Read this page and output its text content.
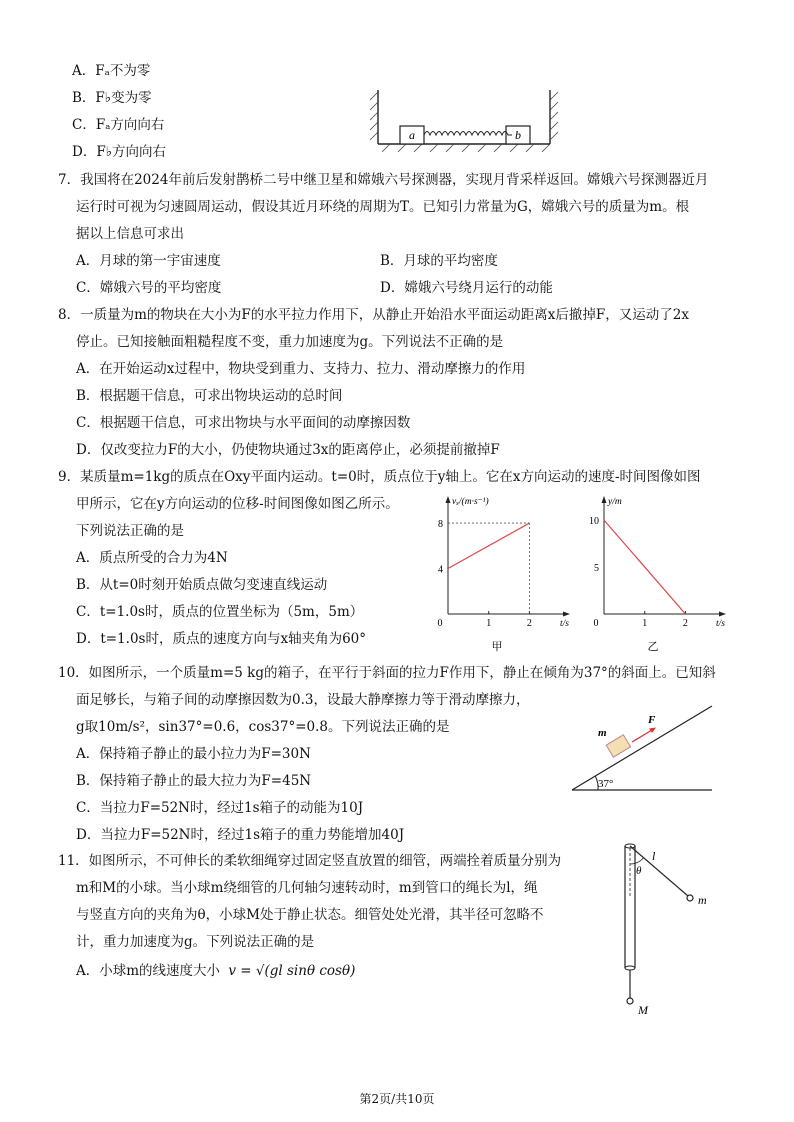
A．Fₐ不为零
B．F♭变为零
C．Fₐ方向向右
D．F♭方向向右
a	b
7．我国将在2024年前后发射鹊桥二号中继卫星和嫦娥六号探测器，实现月背采样返回。嫦娥六号探测器近月
运行时可视为匀速圆周运动，假设其近月环绕的周期为T。已知引力常量为G，嫦娥六号的质量为m。根
据以上信息可求出
A．月球的第一宇宙速度	B．月球的平均密度
C．嫦娥六号的平均密度	D．嫦娥六号绕月运行的动能
8．一质量为m的物块在大小为F的水平拉力作用下，从静止开始沿水平面运动距离x后撤掉F，又运动了2x
停止。已知接触面粗糙程度不变，重力加速度为g。下列说法不正确的是
A．在开始运动x过程中，物块受到重力、支持力、拉力、滑动摩擦力的作用
B．根据题干信息，可求出物块运动的总时间
C．根据题干信息，可求出物块与水平面间的动摩擦因数
D．仅改变拉力F的大小，仍使物块通过3x的距离停止，必须提前撤掉F
9．某质量m=1kg的质点在Oxy平面内运动。t=0时，质点位于y轴上。它在x方向运动的速度-时间图像如图
甲所示，它在y方向运动的位移-时间图像如图乙所示。
下列说法正确的是
A．质点所受的合力为4N
B．从t=0时刻开始质点做匀变速直线运动
C．t=1.0s时，质点的位置坐标为（5m，5m）
D．t=1.0s时，质点的速度方向与x轴夹角为60°
vₓ/(m·s⁻¹)
t/s
0	1	2
4
8
甲
y/m
t/s
0	1	2
5
10
乙
10．如图所示，一个质量m=5 kg的箱子，在平行于斜面的拉力F作用下，静止在倾角为37°的斜面上。已知斜
面足够长，与箱子间的动摩擦因数为0.3，设最大静摩擦力等于滑动摩擦力，
g取10m/s²，sin37°=0.6，cos37°=0.8。下列说法正确的是
A．保持箱子静止的最小拉力为F=30N
B．保持箱子静止的最大拉力为F=45N
C．当拉力F=52N时，经过1s箱子的动能为10J
D．当拉力F=52N时，经过1s箱子的重力势能增加40J
m
F
37°
11．如图所示，不可伸长的柔软细绳穿过固定竖直放置的细管，两端拴着质量分别为
m和M的小球。当小球m绕细管的几何轴匀速转动时，m到管口的绳长为l，绳
与竖直方向的夹角为θ，小球M处于静止状态。细管处处光滑，其半径可忽略不
计，重力加速度为g。下列说法正确的是
A．小球m的线速度大小 v = √(gl sinθ cosθ)
l
θ
m
M
第2页/共10页
